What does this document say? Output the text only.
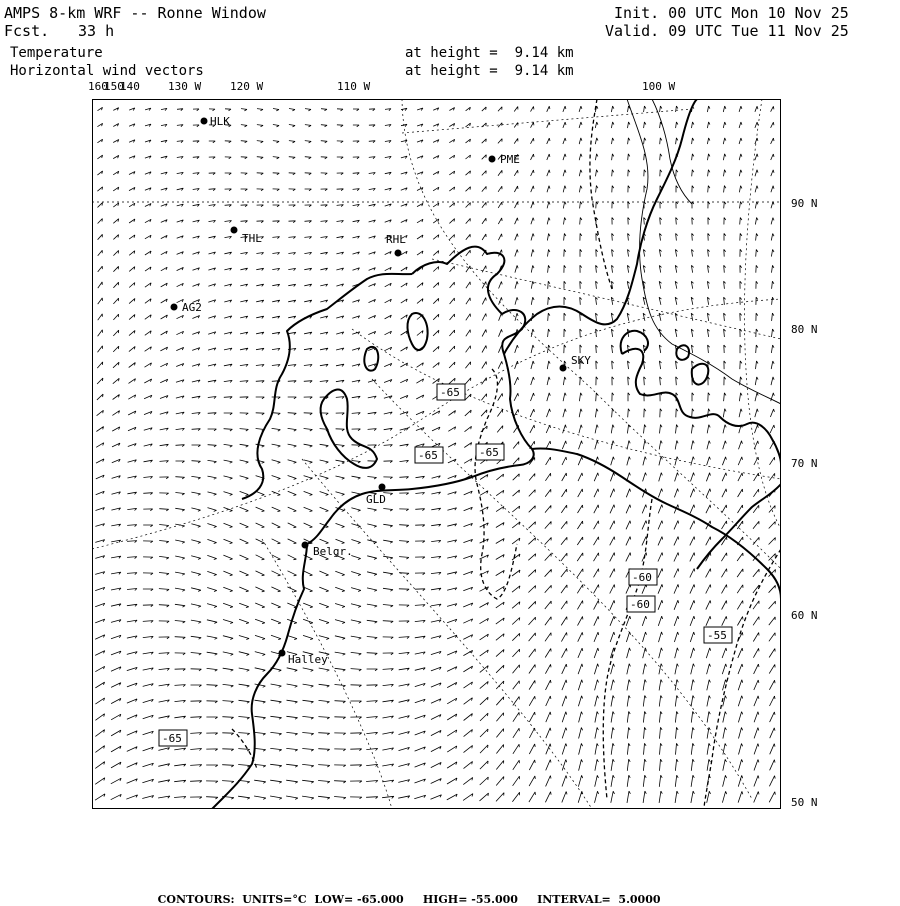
AMPS 8-km WRF -- Ronne Window
Fcst. 33 h
Temperature
Horizontal wind vectors
Init. 00 UTC Mon 10 Nov 25
Valid. 09 UTC Tue 11 Nov 25
at height =  9.14 km
at height =  9.14 km
160
150
140	130 W	120 W	110 W	100 W
90 N
80 N
70 N
60 N
50 N
HLK
PME
THL	RHL
AG2
SKY
GLD
Belgr.
Halley
-65
-65	-65
-60
-60
-55
-65

CONTOURS: UNITS=°C LOW= -65.000 HIGH= -55.000 INTERVAL=  5.0000
